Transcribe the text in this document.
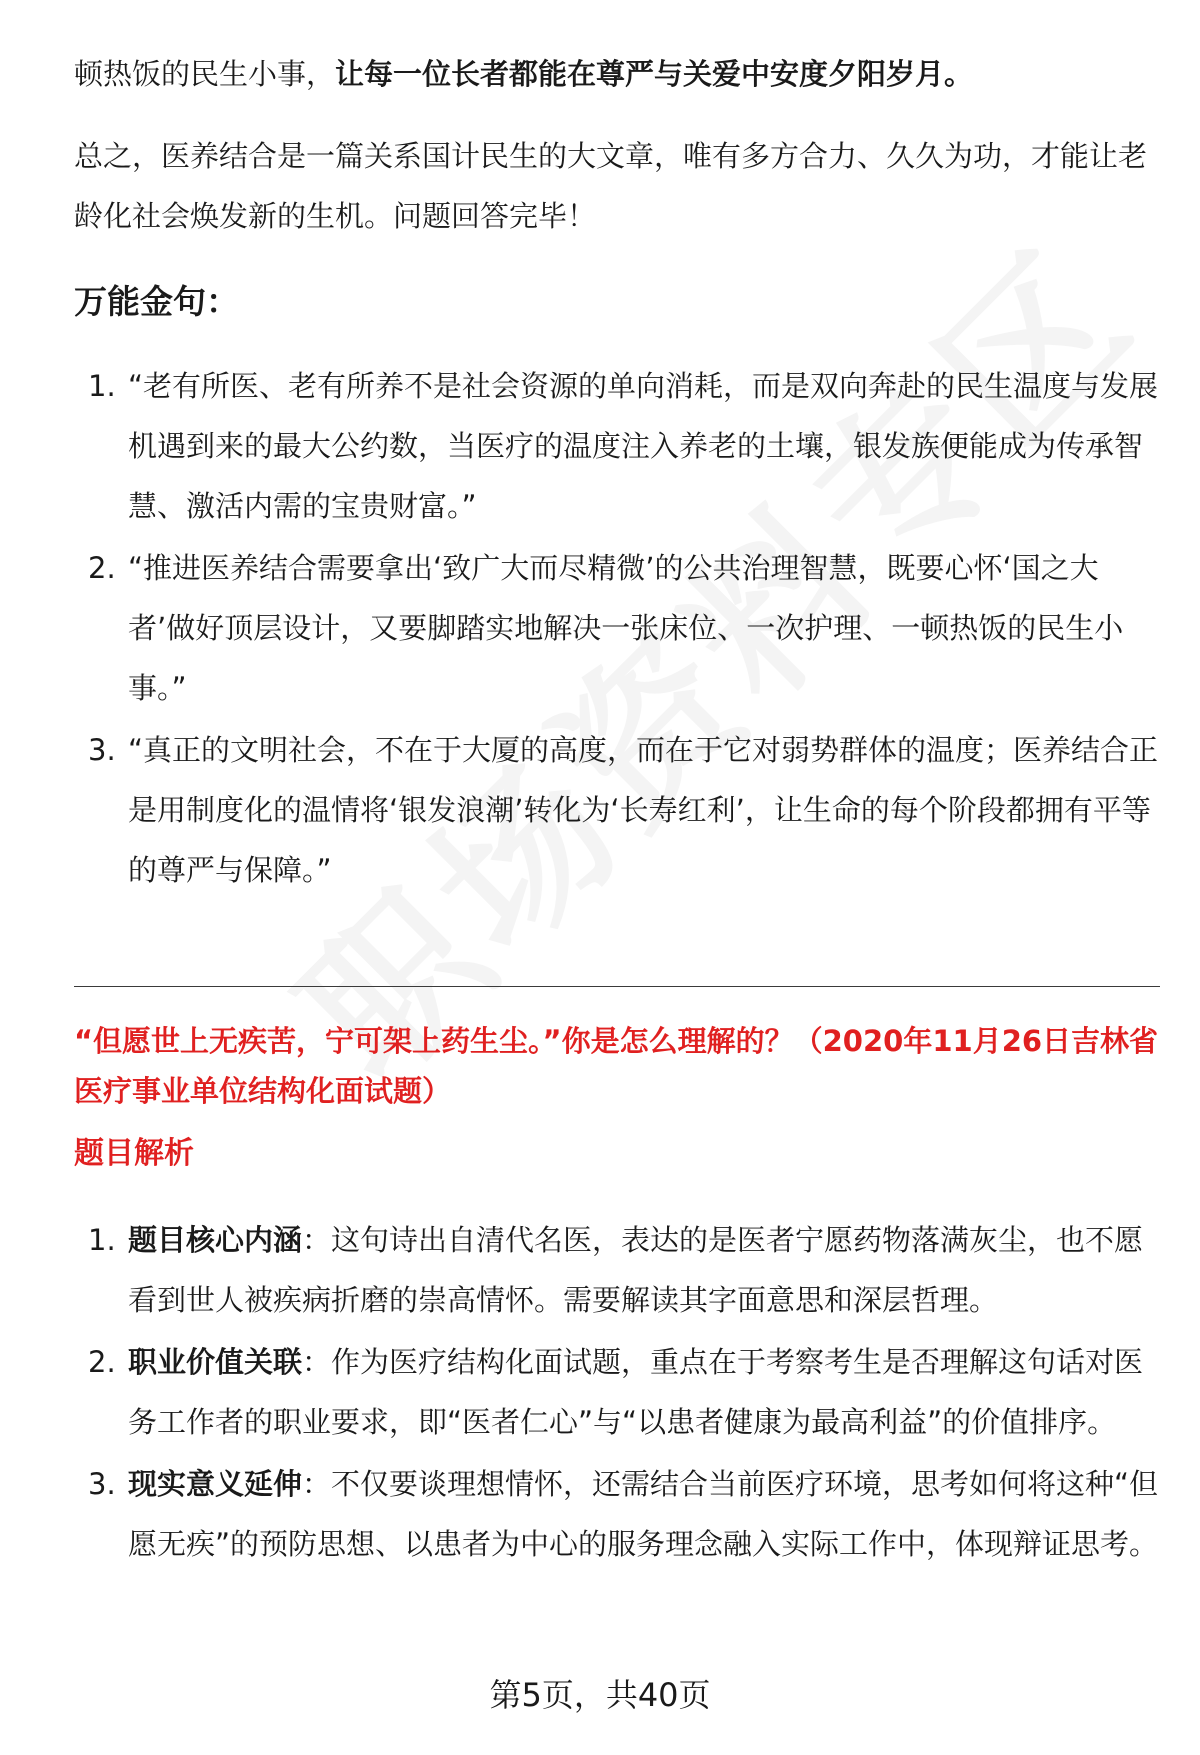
顿热饭的民生小事，让每一位长者都能在尊严与关爱中安度夕阳岁月。

总之，医养结合是一篇关系国计民生的大文章，唯有多方合力、久久为功，才能让老龄化社会焕发新的生机。问题回答完毕！

万能金句：

1. “老有所医、老有所养不是社会资源的单向消耗，而是双向奔赴的民生温度与发展机遇到来的最大公约数，当医疗的温度注入养老的土壤，银发族便能成为传承智慧、激活内需的宝贵财富。”
2. “推进医养结合需要拿出‘致广大而尽精微’的公共治理智慧，既要心怀‘国之大者’做好顶层设计，又要脚踏实地解决一张床位、一次护理、一顿热饭的民生小事。”
3. “真正的文明社会，不在于大厦的高度，而在于它对弱势群体的温度；医养结合正是用制度化的温情将‘银发浪潮’转化为‘长寿红利’，让生命的每个阶段都拥有平等的尊严与保障。”

“但愿世上无疾苦，宁可架上药生尘。”你是怎么理解的？（2020年11月26日吉林省医疗事业单位结构化面试题）

题目解析

1. 题目核心内涵：这句诗出自清代名医，表达的是医者宁愿药物落满灰尘，也不愿看到世人被疾病折磨的崇高情怀。需要解读其字面意思和深层哲理。
2. 职业价值关联：作为医疗结构化面试题，重点在于考察考生是否理解这句话对医务工作者的职业要求，即“医者仁心”与“以患者健康为最高利益”的价值排序。
3. 现实意义延伸：不仅要谈理想情怀，还需结合当前医疗环境，思考如何将这种“但愿无疾”的预防思想、以患者为中心的服务理念融入实际工作中，体现辩证思考。
第5页，共40页
